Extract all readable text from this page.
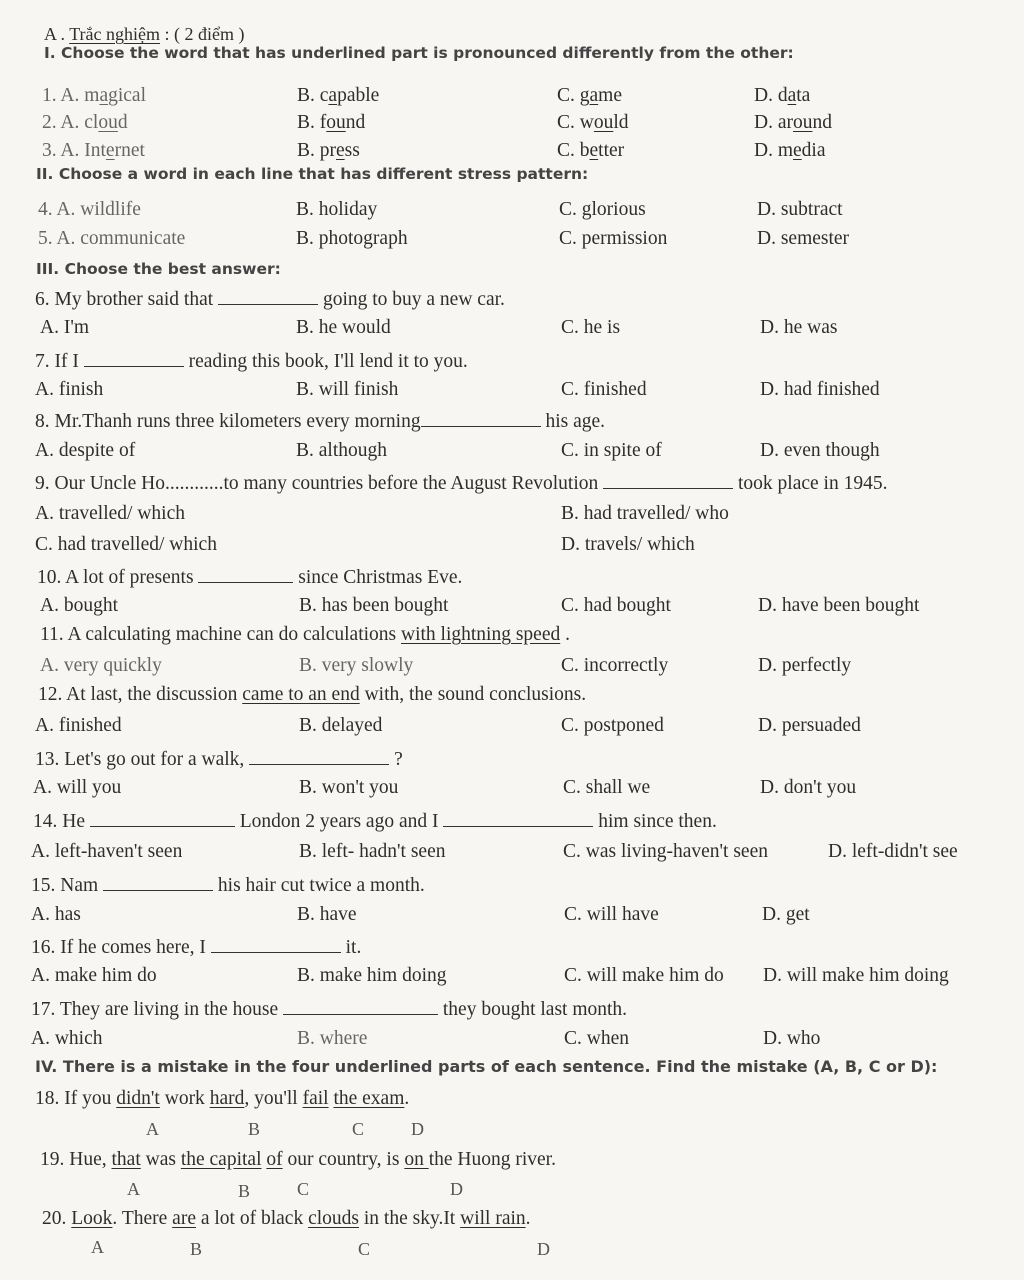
A . Trắc nghiệm : ( 2 điểm )
I. Choose the word that has underlined part is pronounced differently from the other:
1. A. magical	B. capable	C. game	D. data
2. A. cloud	B. found	C. would	D. around
3. A. Internet	B. press	C. better	D. media
II. Choose a word in each line that has different stress pattern:
4. A. wildlife	B. holiday	C. glorious	D. subtract
5. A. communicate	B. photograph	C. permission	D. semester
III. Choose the best answer:
6. My brother said that	going to buy a new car.
A. I'm	B. he would	C. he is	D. he was
7. If I	reading this book, I'll lend it to you.
A. finish	B. will finish	C. finished	D. had finished
8. Mr.Thanh runs three kilometers every morning	his age.
A. despite of	B. although	C. in spite of	D. even though
9. Our Uncle Ho............to many countries before the August Revolution	took place in 1945.
A. travelled/ which	B. had travelled/ who
C. had travelled/ which	D. travels/ which
10. A lot of presents	since Christmas Eve.
A. bought	B. has been bought	C. had bought	D. have been bought
11. A calculating machine can do calculations with lightning speed .
A. very quickly	B. very slowly	C. incorrectly	D. perfectly
12. At last, the discussion came to an end with, the sound conclusions.
A. finished	B. delayed	C. postponed	D. persuaded
13. Let's go out for a walk,	?
A. will you	B. won't you	C. shall we	D. don't you
14. He	London 2 years ago and I	him since then.
A. left-haven't seen	B. left- hadn't seen	C. was living-haven't seen	D. left-didn't see
15. Nam	his hair cut twice a month.
A. has	B. have	C. will have	D. get
16. If he comes here, I	it.
A. make him do	B. make him doing	C. will make him do D. will make him doing
17. They are living in the house	they bought last month.
A. which	B. where	C. when	D. who
IV. There is a mistake in the four underlined parts of each sentence. Find the mistake (A, B, C or D):
18. If you didn't work hard, you'll fail the exam.
A	B	C	D
19. Hue, that was the capital of our country, is on the Huong river.
A	B	C	D
20. Look. There are a lot of black clouds in the sky.It will rain.
A	B	C	D
